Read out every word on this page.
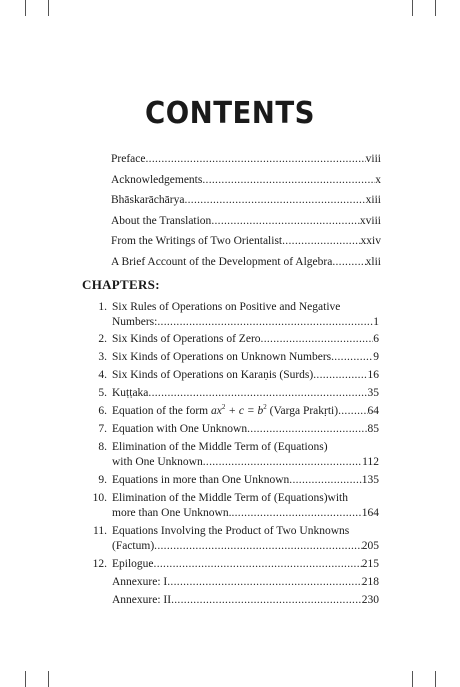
CONTENTS
Preface .....	viii
Acknowledgements .....	x
Bhāskarāchārya .....	xiii
About the Translation .....	xviii
From the Writings of Two Orientalist .....	xxiv
A Brief Account of the Development of Algebra .....	xlii
CHAPTERS:
1. Six Rules of Operations on Positive and Negative
Numbers: .....	1
2. Six Kinds of Operations of Zero .....	6
3. Six Kinds of Operations on Unknown Numbers .....	9
4. Six Kinds of Operations on Karaṇis (Surds) .....	16
5. Kuṭṭaka .....	35
6. Equation of the form $ax^2 + c = b^2$ (Varga Prakṛti) .....	64
7. Equation with One Unknown .....	85
8. Elimination of the Middle Term of (Equations)
with One Unknown .....	112
9. Equations in more than One Unknown .....	135
10. Elimination of the Middle Term of (Equations)with
more than One Unknown. .....	164
11. Equations Involving the Product of Two Unknowns
(Factum) .....	205
12. Epilogue .....	215
Annexure: I .....	218
Annexure: II .....	230
